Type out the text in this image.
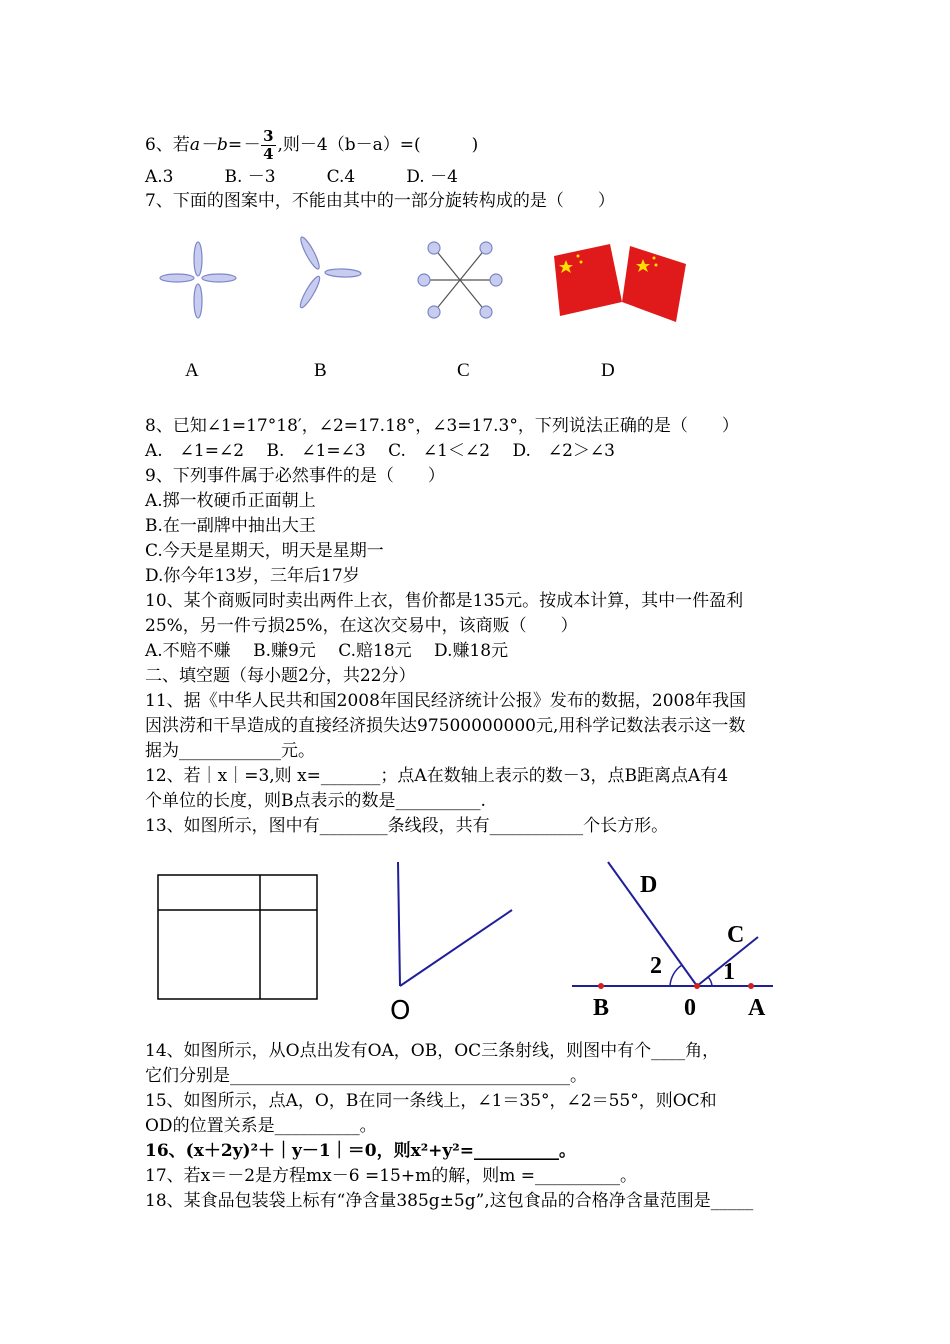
6、若$a-b=- \frac{3}{4}$ ,则－4（b－a）=(　　　)
A.3　　　B. －3　　　C.4　　　D. －4
7、下面的图案中，不能由其中的一部分旋转构成的是（　　）
A	B	C	D
8、已知∠1=17°18′，∠2=17.18°，∠3=17.3°，下列说法正确的是（　　）
A.　∠1=∠2　 B.　∠1=∠3　 C.　∠1＜∠2　 D.　∠2＞∠3
9、下列事件属于必然事件的是（　　）
A.掷一枚硬币正面朝上
B.在一副牌中抽出大王
C.今天是星期天，明天是星期一
D.你今年13岁，三年后17岁
10、某个商贩同时卖出两件上衣，售价都是135元。按成本计算，其中一件盈利
25%，另一件亏损25%，在这次交易中，该商贩（　　）
A.不赔不赚　 B.赚9元　 C.赔18元　 D.赚18元
二、填空题（每小题2分，共22分）
11、据《中华人民共和国2008年国民经济统计公报》发布的数据，2008年我国
因洪涝和干旱造成的直接经济损失达97500000000元,用科学记数法表示这一数
据为____________元。
12、若｜x｜=3,则 x=_______；点A在数轴上表示的数－3，点B距离点A有4
个单位的长度，则B点表示的数是__________.
13、如图所示，图中有________条线段，共有___________个长方形。
O
D
C
2	1
B	0 A
14、如图所示，从O点出发有OA，OB，OC三条射线，则图中有个____角，
它们分别是________________________________________。
15、如图所示，点A，O，B在同一条线上，∠1＝35°，∠2＝55°，则OC和
OD的位置关系是__________。
16、(x＋2y)²＋｜y－1｜＝0，则x²+y²=__________。
17、若x＝－2是方程mx－6 =15+m的解，则m =__________。
18、某食品包装袋上标有“净含量385g±5g”,这包食品的合格净含量范围是_____
